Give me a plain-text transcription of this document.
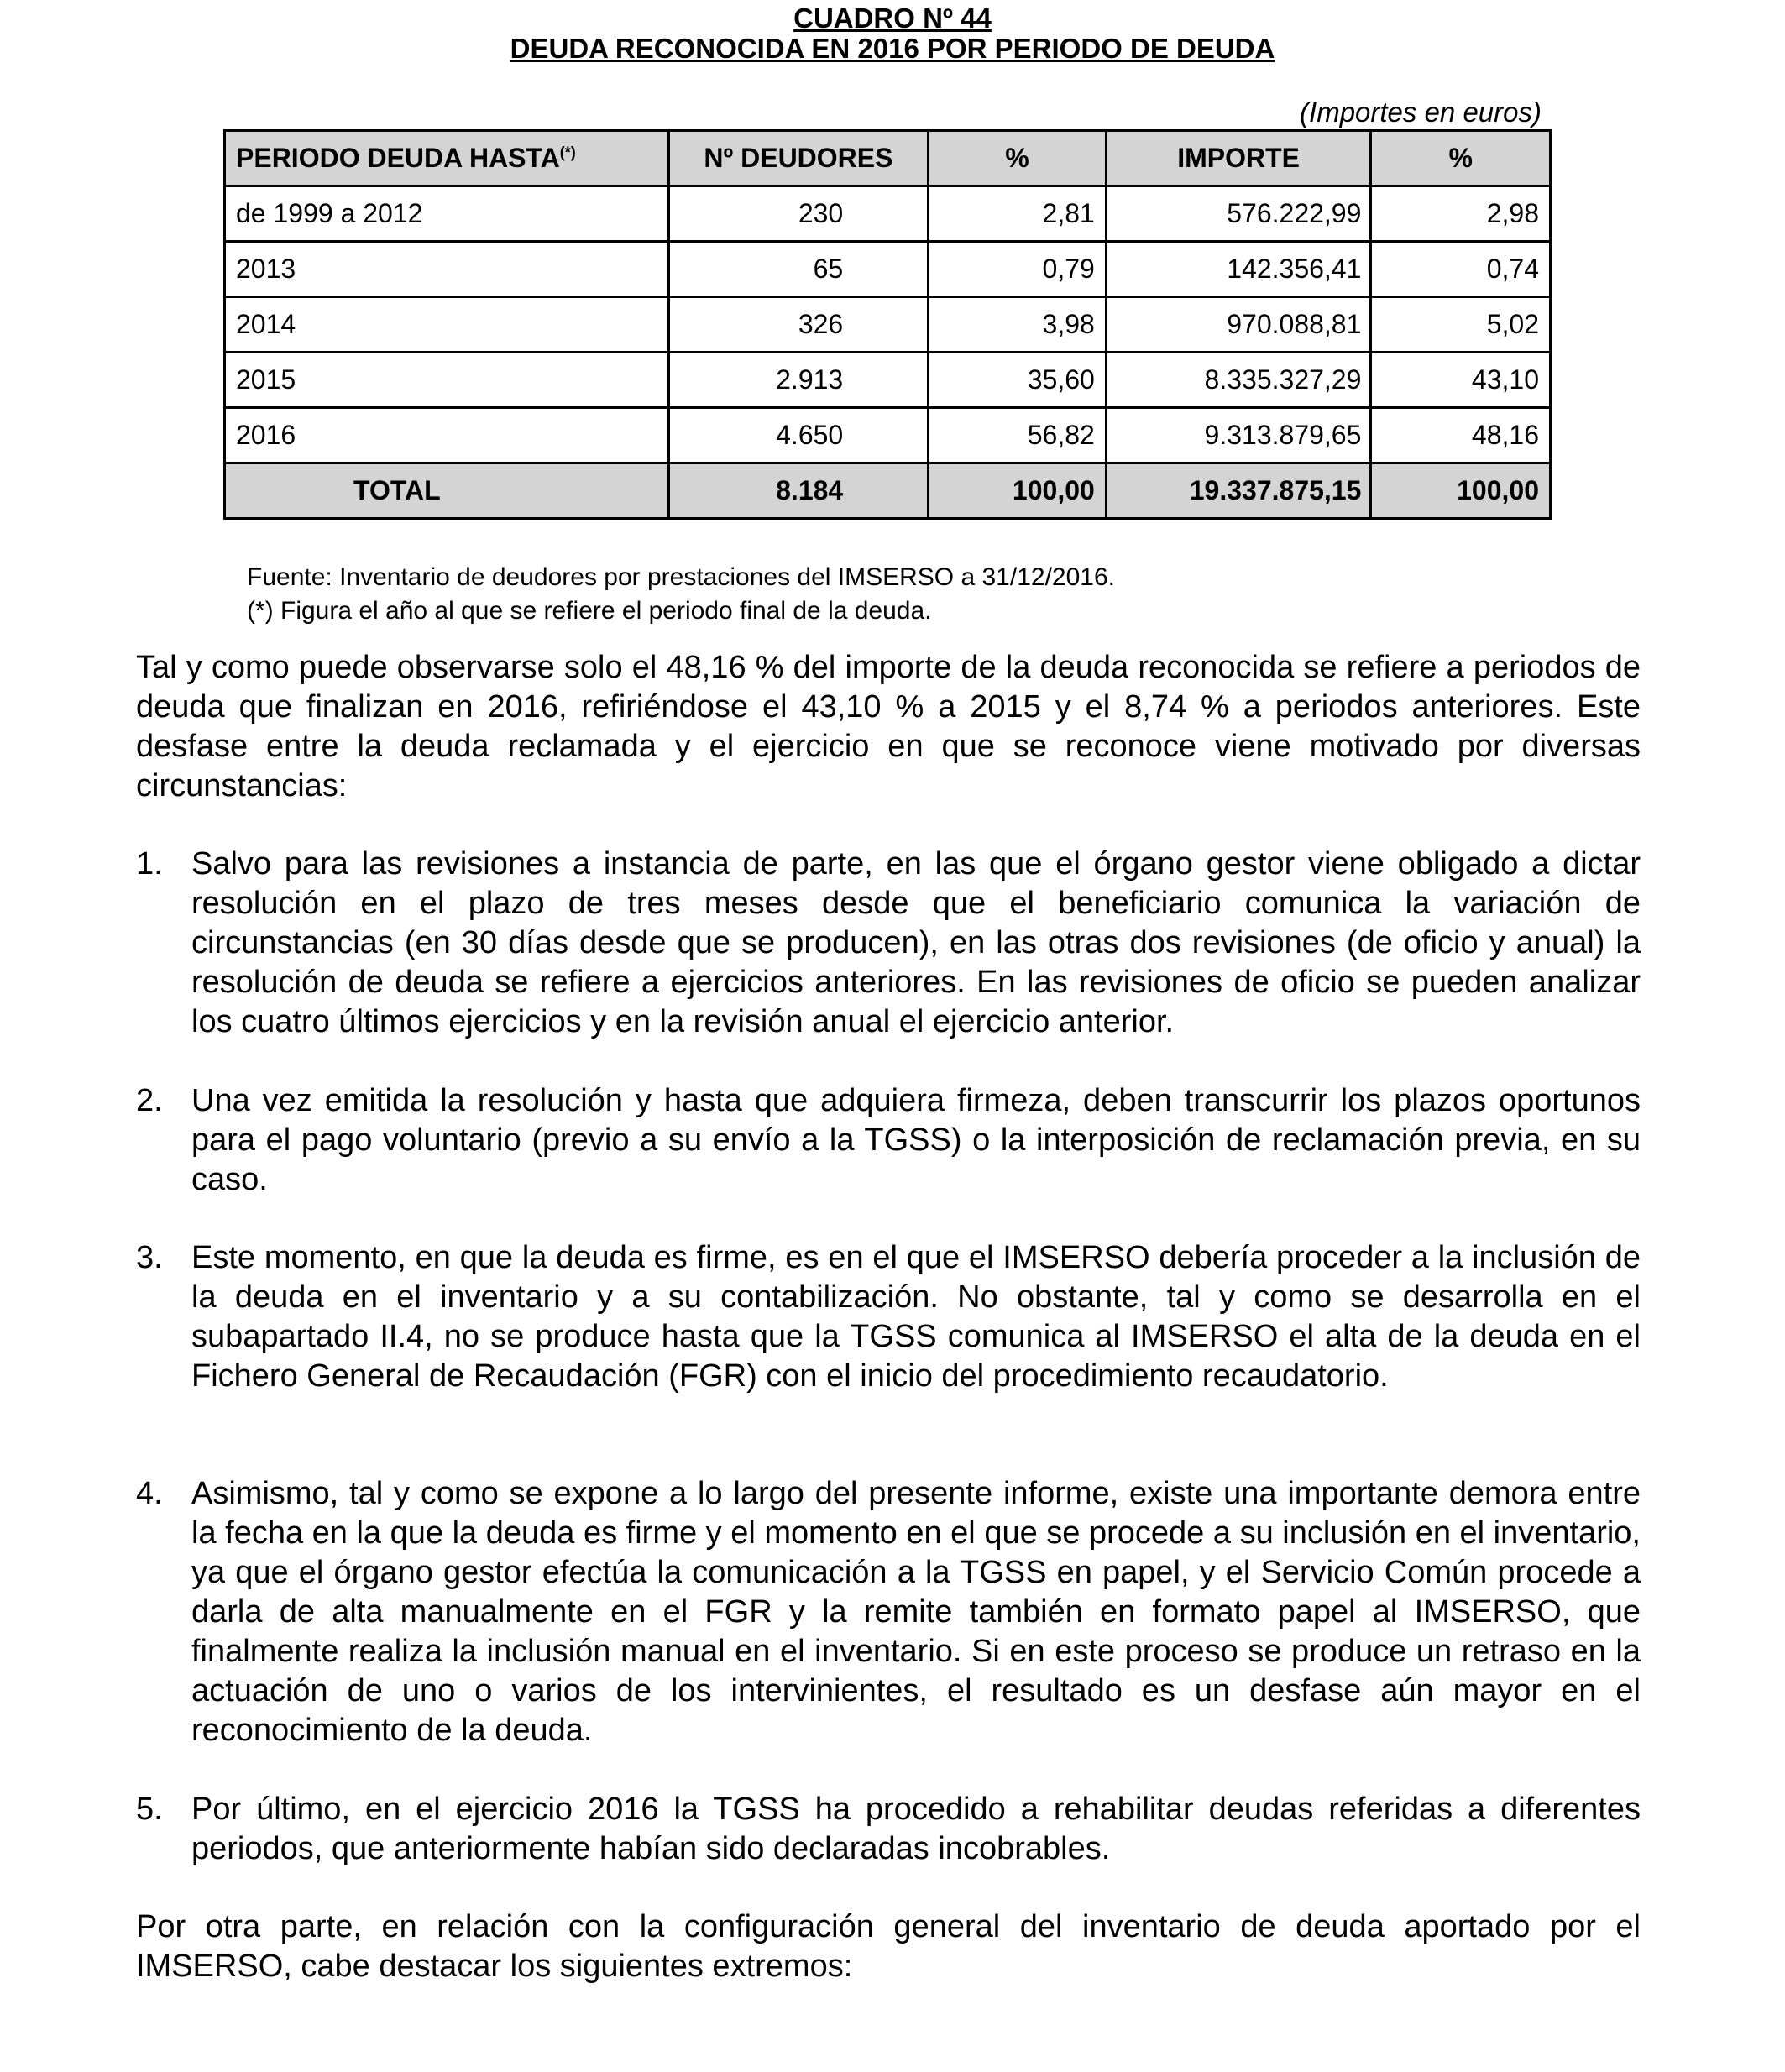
CUADRO Nº 44
DEUDA RECONOCIDA EN 2016 POR PERIODO DE DEUDA
(Importes en euros)
PERIODO DEUDA HASTA(*)	Nº DEUDORES	%	IMPORTE	%
de 1999 a 2012	230	2,81	576.222,99	2,98
2013	65	0,79	142.356,41	0,74
2014	326	3,98	970.088,81	5,02
2015	2.913	35,60	8.335.327,29	43,10
2016	4.650	56,82	9.313.879,65	48,16
TOTAL	8.184	100,00	19.337.875,15	100,00
Fuente: Inventario de deudores por prestaciones del IMSERSO a 31/12/2016.
(*) Figura el año al que se refiere el periodo final de la deuda.
Tal y como puede observarse solo el 48,16 % del importe de la deuda reconocida se refiere a periodos de deuda que finalizan en 2016, refiriéndose el 43,10 % a 2015 y el 8,74 % a periodos anteriores. Este desfase entre la deuda reclamada y el ejercicio en que se reconoce viene motivado por diversas circunstancias:
1. Salvo para las revisiones a instancia de parte, en las que el órgano gestor viene obligado a dictar resolución en el plazo de tres meses desde que el beneficiario comunica la variación de circunstancias (en 30 días desde que se producen), en las otras dos revisiones (de oficio y anual) la resolución de deuda se refiere a ejercicios anteriores. En las revisiones de oficio se pueden analizar los cuatro últimos ejercicios y en la revisión anual el ejercicio anterior.
2. Una vez emitida la resolución y hasta que adquiera firmeza, deben transcurrir los plazos oportunos para el pago voluntario (previo a su envío a la TGSS) o la interposición de reclamación previa, en su caso.
3. Este momento, en que la deuda es firme, es en el que el IMSERSO debería proceder a la inclusión de la deuda en el inventario y a su contabilización. No obstante, tal y como se desarrolla en el subapartado II.4, no se produce hasta que la TGSS comunica al IMSERSO el alta de la deuda en el Fichero General de Recaudación (FGR) con el inicio del procedimiento recaudatorio.
4. Asimismo, tal y como se expone a lo largo del presente informe, existe una importante demora entre la fecha en la que la deuda es firme y el momento en el que se procede a su inclusión en el inventario, ya que el órgano gestor efectúa la comunicación a la TGSS en papel, y el Servicio Común procede a darla de alta manualmente en el FGR y la remite también en formato papel al IMSERSO, que finalmente realiza la inclusión manual en el inventario. Si en este proceso se produce un retraso en la actuación de uno o varios de los intervinientes, el resultado es un desfase aún mayor en el reconocimiento de la deuda.
5. Por último, en el ejercicio 2016 la TGSS ha procedido a rehabilitar deudas referidas a diferentes periodos, que anteriormente habían sido declaradas incobrables.
Por otra parte, en relación con la configuración general del inventario de deuda aportado por el IMSERSO, cabe destacar los siguientes extremos:
